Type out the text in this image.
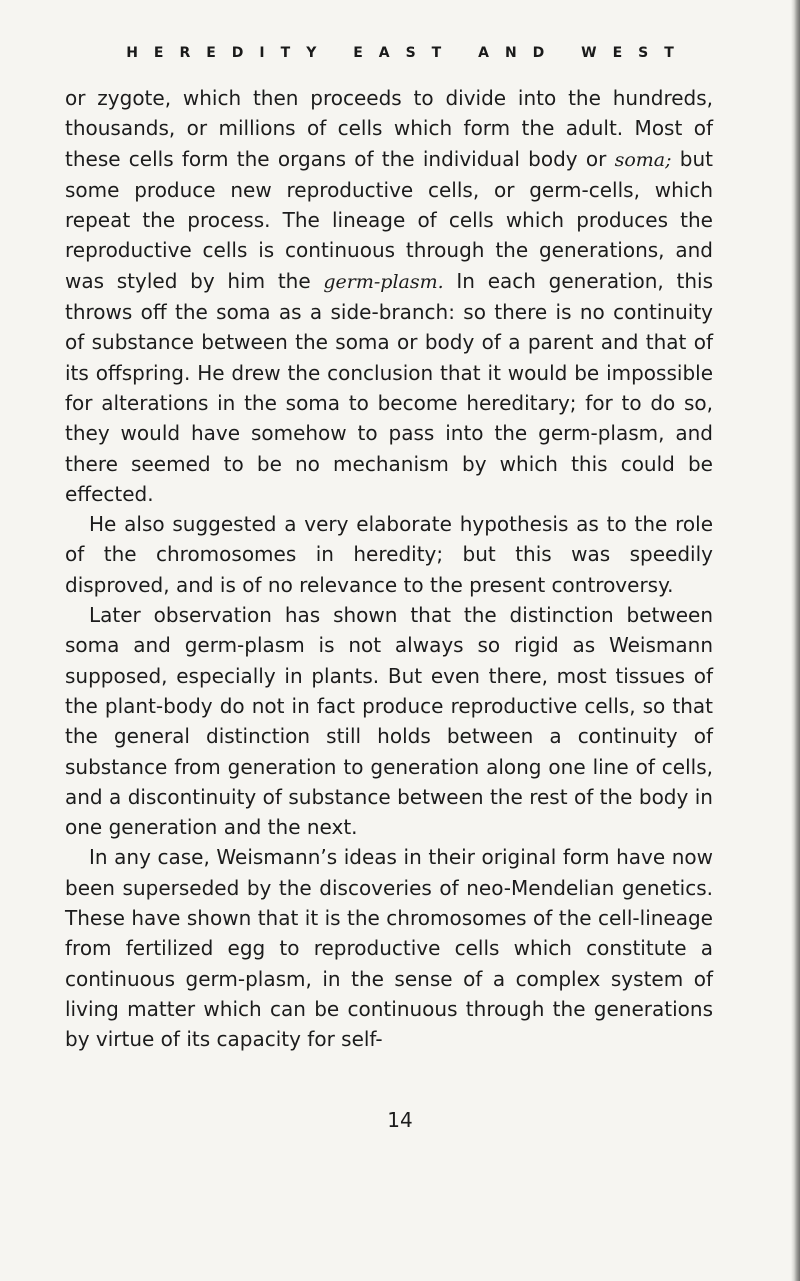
HEREDITY EAST AND WEST

or zygote, which then proceeds to divide into the hundreds, thousands, or millions of cells which form the adult. Most of these cells form the organs of the individual body or soma; but some produce new reproductive cells, or germ-cells, which repeat the process. The lineage of cells which produces the reproductive cells is continuous through the generations, and was styled by him the germ-plasm. In each generation, this throws off the soma as a side-branch: so there is no continuity of substance between the soma or body of a parent and that of its offspring. He drew the conclusion that it would be impossible for alterations in the soma to become hereditary; for to do so, they would have somehow to pass into the germ-plasm, and there seemed to be no mechanism by which this could be effected.

He also suggested a very elaborate hypothesis as to the role of the chromosomes in heredity; but this was speedily disproved, and is of no relevance to the present controversy.

Later observation has shown that the distinction between soma and germ-plasm is not always so rigid as Weismann supposed, especially in plants. But even there, most tissues of the plant-body do not in fact produce reproductive cells, so that the general distinction still holds between a continuity of substance from generation to generation along one line of cells, and a discontinuity of substance between the rest of the body in one generation and the next.

In any case, Weismann’s ideas in their original form have now been superseded by the discoveries of neo-Mendelian genetics. These have shown that it is the chromosomes of the cell-lineage from fertilized egg to reproductive cells which constitute a continuous germ-plasm, in the sense of a complex system of living matter which can be continuous through the generations by virtue of its capacity for self-

14
